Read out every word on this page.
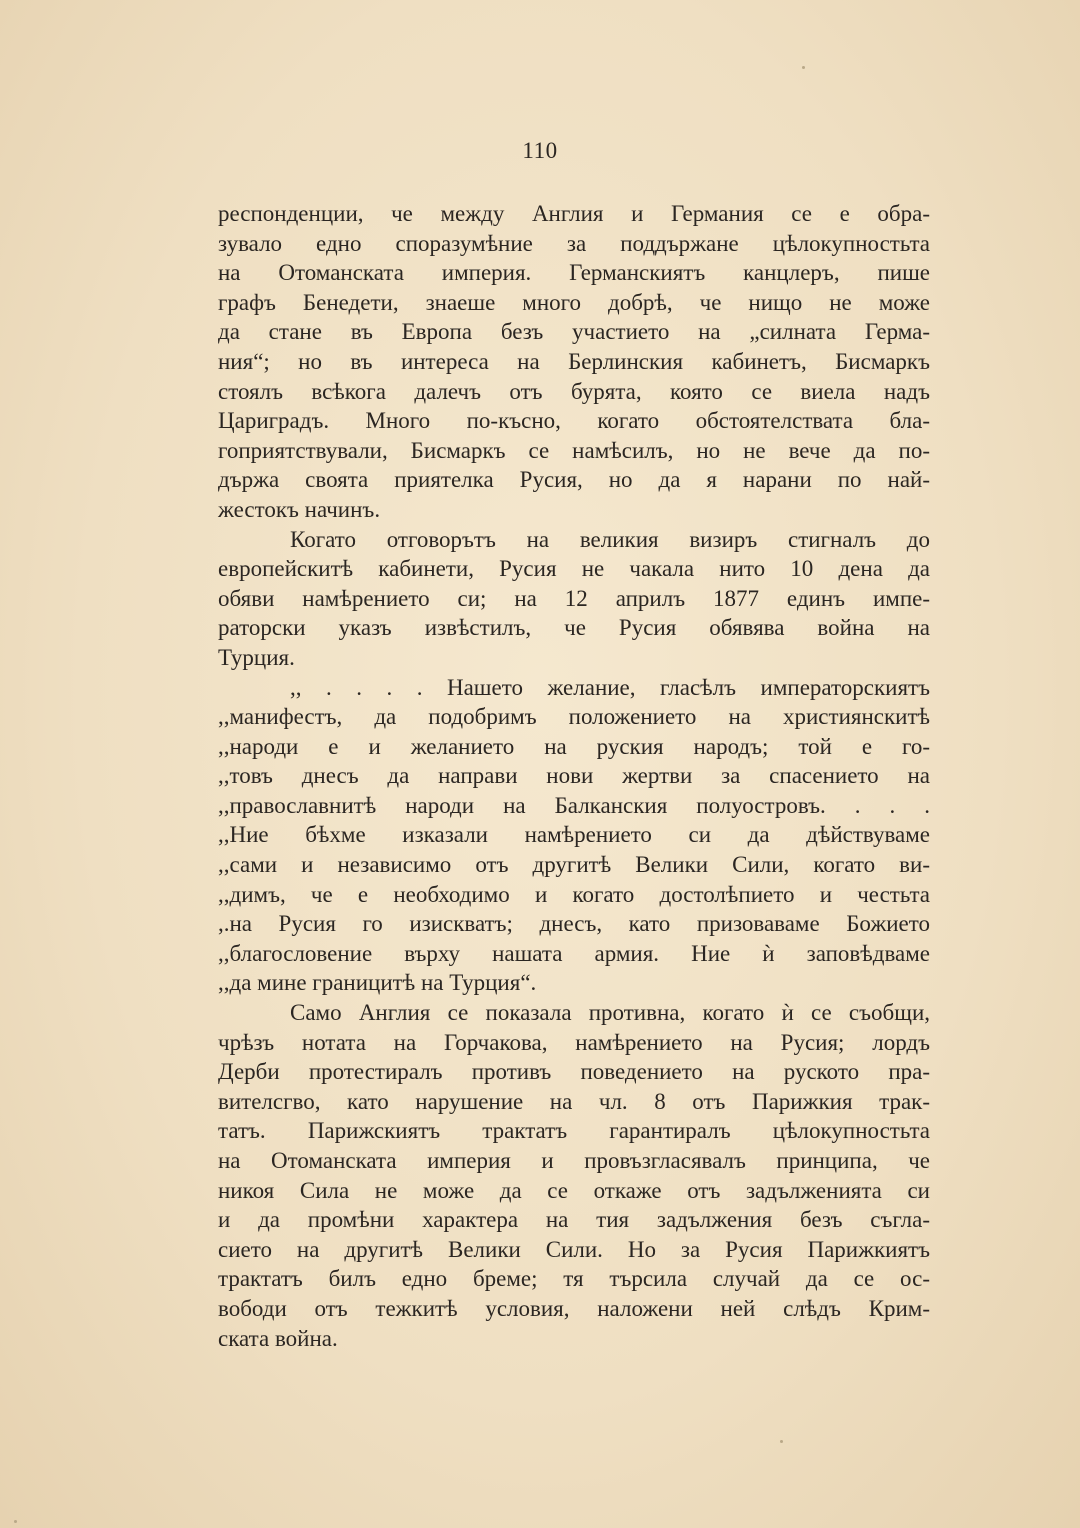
110
респонденции, че между Англия и Германия се е обра-
зувало едно споразумѣние за поддържане цѣлокупностьта
на Отоманската империя. Германскиятъ канцлеръ, пише
графъ Бенедети, знаеше много добрѣ, че нищо не може
да стане въ Европа безъ участието на „силната Герма-
ния“; но въ интереса на Берлинския кабинетъ, Бисмаркъ
стоялъ всѣкога далечъ отъ бурята, която се виела надъ
Цариградъ. Много по-късно, когато обстоятелствата бла-
гоприятствували, Бисмаркъ се намѣсилъ, но не вече да по-
държа своята приятелка Русия, но да я нарани по най-
жестокъ начинъ.
Когато отговорътъ на великия визиръ стигналъ до
европейскитѣ кабинети, Русия не чакала нито 10 дена да
обяви намѣрението си; на 12 априлъ 1877 единъ импе-
раторски указъ извѣстилъ, че Русия обявява война на
Турция.
,, . . . . Нашето желание, гласѣлъ императорскиятъ
,,манифестъ, да подобримъ положението на християнскитѣ
,,народи е и желанието на руския народъ; той е го-
,,товъ днесъ да направи нови жертви за спасението на
,,православнитѣ народи на Балканския полуостровъ. . . .
,,Ние бѣхме изказали намѣрението си да дѣйствуваме
,,сами и независимо отъ другитѣ Велики Сили, когато ви-
,,димъ, че е необходимо и когато достолѣпието и честьта
,.на Русия го изискватъ; днесъ, като призоваваме Божието
,,благословение върху нашата армия. Ние ѝ заповѣдваме
,,да мине границитѣ на Турция“.
Само Англия се показала противна, когато ѝ се съобщи,
чрѣзъ нотата на Горчакова, намѣрението на Русия; лордъ
Дерби протестиралъ противъ поведението на руското пра-
вителсгво, като нарушение на чл. 8 отъ Парижкия трак-
татъ. Парижскиятъ трактатъ гарантиралъ цѣлокупностьта
на Отоманската империя и провъзгласявалъ принципа, че
никоя Сила не може да се откаже отъ задълженията си
и да промѣни характера на тия задължения безъ съгла-
сието на другитѣ Велики Сили. Но за Русия Парижкиятъ
трактатъ билъ едно бреме; тя търсила случай да се ос-
вободи отъ тежкитѣ условия, наложени ней слѣдъ Крим-
ската война.
